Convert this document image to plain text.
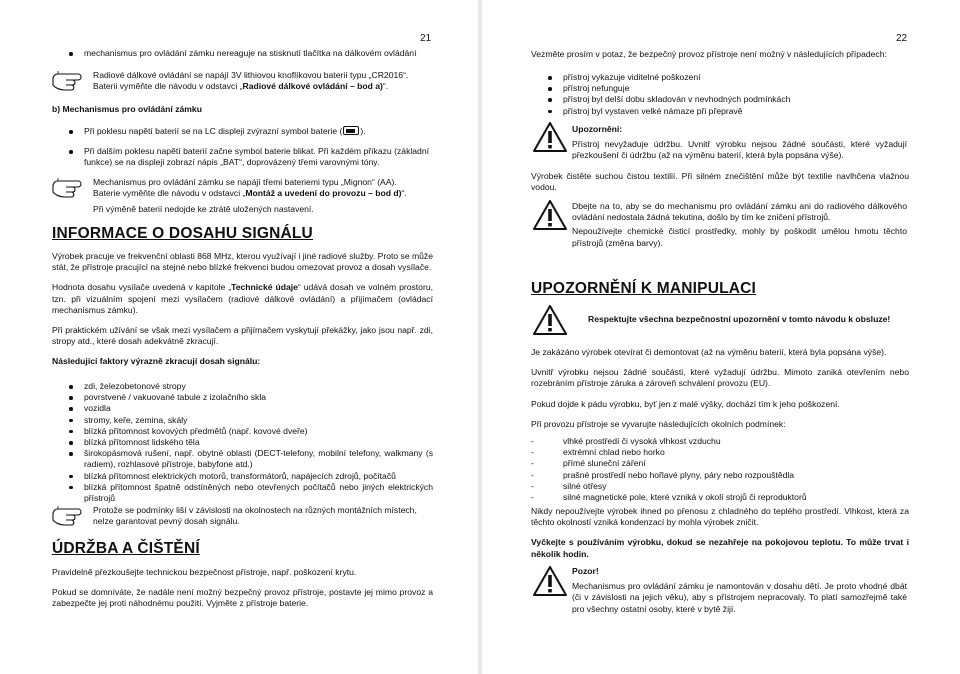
21
mechanismus pro ovládání zámku nereaguje na stisknutí tlačítka na dálkovém ovládání
Radiové dálkové ovládání se napájí 3V lithiovou knoflíkovou baterií typu „CR2016“.
Baterii vyměňte dle návodu v odstavci „Radiové dálkové ovládání – bod a)“.
b) Mechanismus pro ovládání zámku
Při poklesu napětí baterií se na LC displeji zvýrazní symbol baterie ( ).
Při dalším poklesu napětí baterií začne symbol baterie blikat. Při každém příkazu (základní funkce) se na displeji zobrazí nápis „BAT“, doprovázený třemi varovnými tóny.
Mechanismus pro ovládání zámku se napájí třemi bateriemi typu „Mignon“ (AA).
Baterie vyměňte dle návodu v odstavci „Montáž a uvedení do provozu – bod d)“.
Při výměně baterií nedojde ke ztrátě uložených nastavení.
INFORMACE O DOSAHU SIGNÁLU

Výrobek pracuje ve frekvenční oblasti 868 MHz, kterou využívají i jiné radiové služby. Proto se může stát, že přístroje pracující na stejné nebo blízké frekvenci budou omezovat provoz a dosah vysílače.

Hodnota dosahu vysílače uvedená v kapitole „Technické údaje“ udává dosah ve volném prostoru, tzn. při vizuálním spojení mezi vysílačem (radiové dálkové ovládání) a přijímačem (ovládací mechanismus zámku).

Při praktickém užívání se však mezi vysílačem a přijímačem vyskytují překážky, jako jsou např. zdi, stropy atd., které dosah adekvátně zkracují.

Následující faktory výrazně zkracují dosah signálu:

zdi, železobetonové stropy
povrstvené / vakuované tabule z izolačního skla
vozidla
stromy, keře, zemina, skály
blízká přítomnost kovových předmětů (např. kovové dveře)
blízká přítomnost lidského těla
širokopásmová rušení, např. obytné oblasti (DECT-telefony, mobilní telefony, walkmany (s radiem), rozhlasové přístroje, babyfone atd.)
blízká přítomnost elektrických motorů, transformátorů, napájecích zdrojů, počítačů
blízká přítomnost špatně odstíněných nebo otevřených počítačů nebo jiných elektrických přístrojů
Protože se podmínky liší v závislosti na okolnostech na různých montážních místech, nelze garantovat pevný dosah signálu.
ÚDRŽBA A ČIŠTĚNÍ

Pravidelně přezkoušejte technickou bezpečnost přístroje, např. poškození krytu.

Pokud se domníváte, že nadále není možný bezpečný provoz přístroje, postavte jej mimo provoz a zabezpečte jej proti náhodnému použití. Vyjměte z přístroje baterie.

22
Vezměte prosím v potaz, že bezpečný provoz přístroje není možný v následujících případech:
přístroj vykazuje viditelné poškození
přístroj nefunguje
přístroj byl delší dobu skladován v nevhodných podmínkách
přístroj byl vystaven velké námaze při přepravě
Upozornění:
Přístroj nevyžaduje údržbu. Uvnitř výrobku nejsou žádné součásti, které vyžadují přezkoušení či údržbu (až na výměnu baterií, která byla popsána výše).
Výrobek čistěte suchou čistou textilií. Při silném znečištění může být textilie navlhčena vlažnou vodou.
Dbejte na to, aby se do mechanismu pro ovládání zámku ani do radiového dálkového ovládání nedostala žádná tekutina, došlo by tím ke zničení přístrojů.
Nepoužívejte chemické čisticí prostředky, mohly by poškodit umělou hmotu těchto přístrojů (změna barvy).
UPOZORNĚNÍ K MANIPULACI
Respektujte všechna bezpečnostní upozornění v tomto návodu k obsluze!

Je zakázáno výrobek otevírat či demontovat (až na výměnu baterií, která byla popsána výše).

Uvnitř výrobku nejsou žádné součásti, které vyžadují údržbu. Mimoto zaniká otevřením nebo rozebráním přístroje záruka a zároveň schválení provozu (EU).

Pokud dojde k pádu výrobku, byť jen z malé výšky, dochází tím k jeho poškození.

Při provozu přístroje se vyvarujte následujících okolních podmínek:

- vlhké prostředí či vysoká vlhkost vzduchu
- extrémní chlad nebo horko
- přímé sluneční záření
- prašné prostředí nebo hořlavé plyny, páry nebo rozpouštědla
- silné otřesy
- silné magnetické pole, které vzniká v okolí strojů či reproduktorů

Nikdy nepoužívejte výrobek ihned po přenosu z chladného do teplého prostředí. Vlhkost, která za těchto okolností vzniká kondenzací by mohla výrobek zničit.

Vyčkejte s používáním výrobku, dokud se nezahřeje na pokojovou teplotu. To může trvat i několik hodin.

Pozor!
Mechanismus pro ovládání zámku je namontován v dosahu dětí. Je proto vhodné dbát (či v závislosti na jejich věku), aby s přístrojem nepracovaly. To platí samozřejmě také pro všechny ostatní osoby, které v bytě žijí.
